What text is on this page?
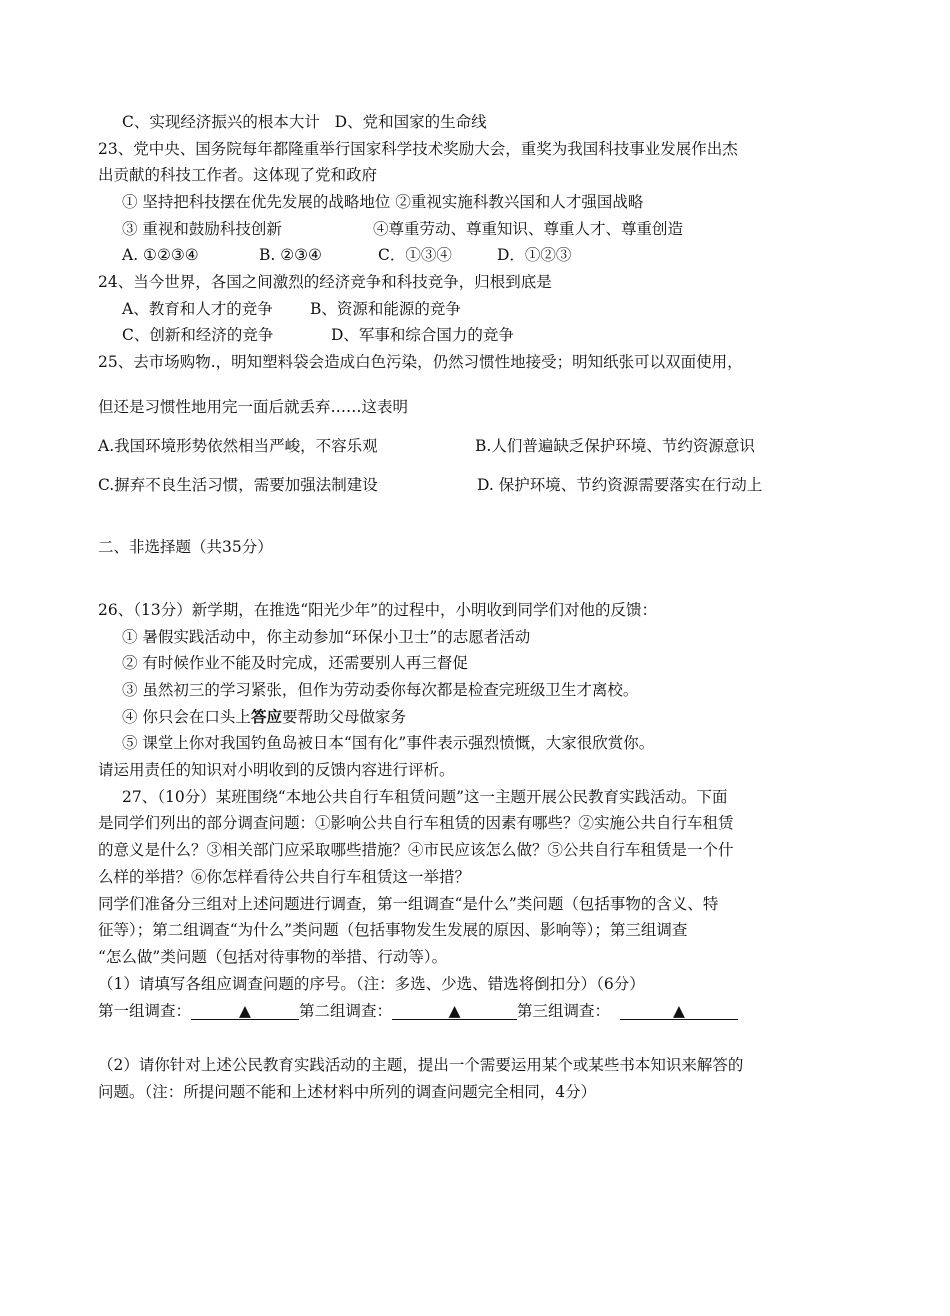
C、实现经济振兴的根本大计 D、党和国家的生命线
23、党中央、国务院每年都隆重举行国家科学技术奖励大会，重奖为我国科技事业发展作出杰
出贡献的科技工作者。这体现了党和政府
① 坚持把科技摆在优先发展的战略地位 ②重视实施科教兴国和人才强国战略
③ 重视和鼓励科技创新	④尊重劳动、尊重知识、尊重人才、尊重创造
A. ①②③④	B. ②③④	C．①③④	D．①②③
24、当今世界，各国之间激烈的经济竞争和科技竞争，归根到底是
A、教育和人才的竞争 B、资源和能源的竞争
C、创新和经济的竞争	D、军事和综合国力的竞争
25、去市场购物.，明知塑料袋会造成白色污染，仍然习惯性地接受；明知纸张可以双面使用，
但还是习惯性地用完一面后就丢弃……这表明
A.我国环境形势依然相当严峻，不容乐观	B.人们普遍缺乏保护环境、节约资源意识
C.摒弃不良生活习惯，需要加强法制建设	D. 保护环境、节约资源需要落实在行动上
二、非选择题（共35分）
26、（13分）新学期，在推选“阳光少年”的过程中，小明收到同学们对他的反馈：
① 暑假实践活动中，你主动参加“环保小卫士”的志愿者活动
② 有时候作业不能及时完成，还需要别人再三督促
③ 虽然初三的学习紧张，但作为劳动委你每次都是检查完班级卫生才离校。
④ 你只会在口头上答应要帮助父母做家务
⑤ 课堂上你对我国钓鱼岛被日本“国有化”事件表示强烈愤慨，大家很欣赏你。
请运用责任的知识对小明收到的反馈内容进行评析。
27、（10分）某班围绕“本地公共自行车租赁问题”这一主题开展公民教育实践活动。下面
是同学们列出的部分调查问题：①影响公共自行车租赁的因素有哪些？②实施公共自行车租赁
的意义是什么？③相关部门应采取哪些措施？④市民应该怎么做？⑤公共自行车租赁是一个什
么样的举措？⑥你怎样看待公共自行车租赁这一举措？
同学们准备分三组对上述问题进行调查，第一组调查“是什么”类问题（包括事物的含义、特
征等）；第二组调查“为什么”类问题（包括事物发生发展的原因、影响等）；第三组调查
“怎么做”类问题（包括对待事物的举措、行动等）。
（1）请填写各组应调查问题的序号。（注：多选、少选、错选将倒扣分）（6分）
第一组调查：	▲	第二组调查：	▲	第三组调查：	▲
（2）请你针对上述公民教育实践活动的主题，提出一个需要运用某个或某些书本知识来解答的
问题。（注：所提问题不能和上述材料中所列的调查问题完全相同，4分）
